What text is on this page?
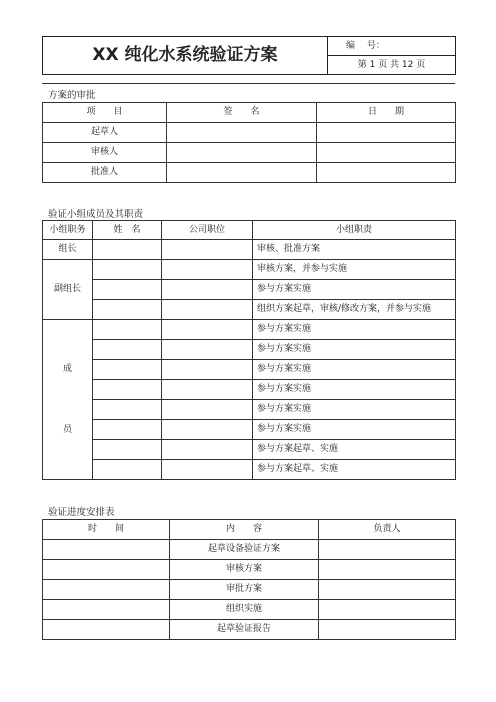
XX 纯化水系统验证方案	编　 号：
第 1 页 共 12 页
方案的审批
项　　目	签　　名	日　　期
起草人		
审核人		
批准人		
验证小组成员及其职责
小组职务	姓　名	公司职位	小组职责
组长			审核、批准方案
副组长			审核方案，并参与实施
			参与方案实施
			组织方案起草，审核/修改方案，并参与实施

成
员			参与方案实施
			参与方案实施
			参与方案实施
			参与方案实施
			参与方案实施
			参与方案实施
			参与方案起草、实施
			参与方案起草、实施
验证进度安排表
时　　间	内　　容	负责人
	起草设备验证方案	
	审核方案	
	审批方案	
	组织实施	
	起草验证报告	
